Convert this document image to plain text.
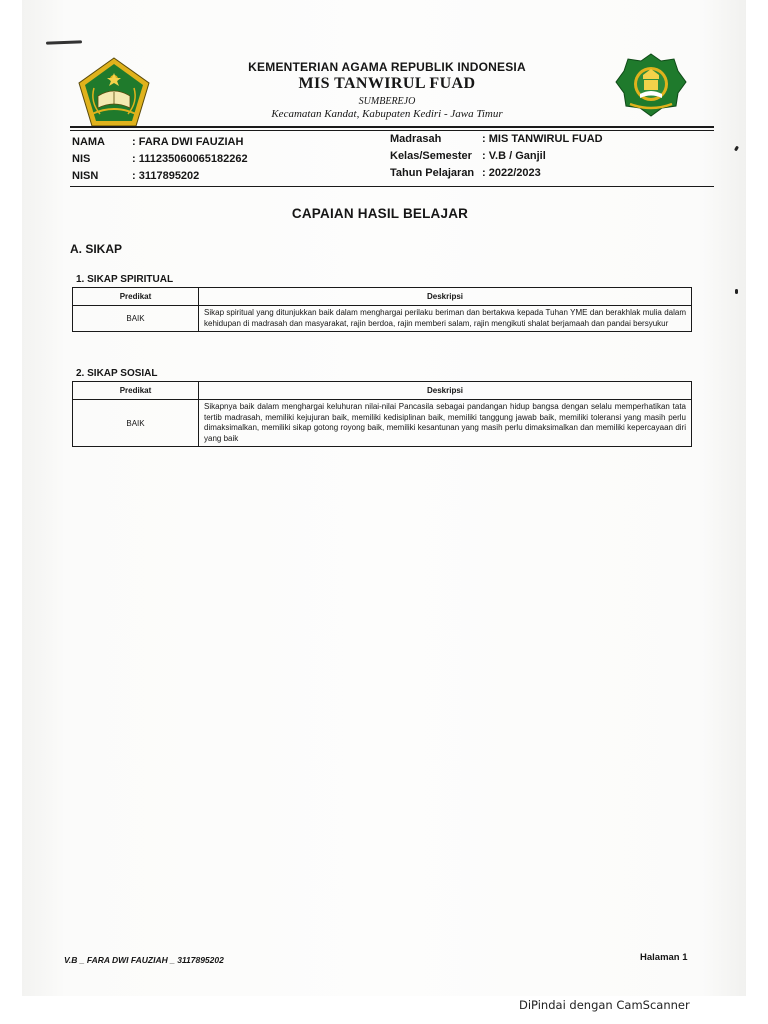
KEMENTERIAN AGAMA REPUBLIK INDONESIA
MIS TANWIRUL FUAD
SUMBEREJO
Kecamatan Kandat, Kabupaten Kediri - Jawa Timur
NAMA : FARA DWI FAUZIAH
NIS	: 111235060065182262
NISN	: 3117895202
Madrasah	: MIS TANWIRUL FUAD
Kelas/Semester : V.B / Ganjil
Tahun Pelajaran : 2022/2023
CAPAIAN HASIL BELAJAR
A. SIKAP
1. SIKAP SPIRITUAL
Predikat	Deskripsi
BAIK	Sikap spiritual yang ditunjukkan baik dalam menghargai perilaku beriman dan bertakwa kepada Tuhan YME dan berakhlak mulia dalam kehidupan di madrasah dan masyarakat, rajin berdoa, rajin memberi salam, rajin mengikuti shalat berjamaah dan pandai bersyukur
2. SIKAP SOSIAL
Predikat	Deskripsi
BAIK	Sikapnya baik dalam menghargai keluhuran nilai-nilai Pancasila sebagai pandangan hidup bangsa dengan selalu memperhatikan tata tertib madrasah, memiliki kejujuran baik, memiliki kedisiplinan baik, memiliki tanggung jawab baik, memiliki toleransi yang masih perlu dimaksimalkan, memiliki sikap gotong royong baik, memiliki kesantunan yang masih perlu dimaksimalkan dan memiliki kepercayaan diri yang baik
V.B _ FARA DWI FAUZIAH _ 3117895202	Halaman 1
DiPindai dengan CamScanner
